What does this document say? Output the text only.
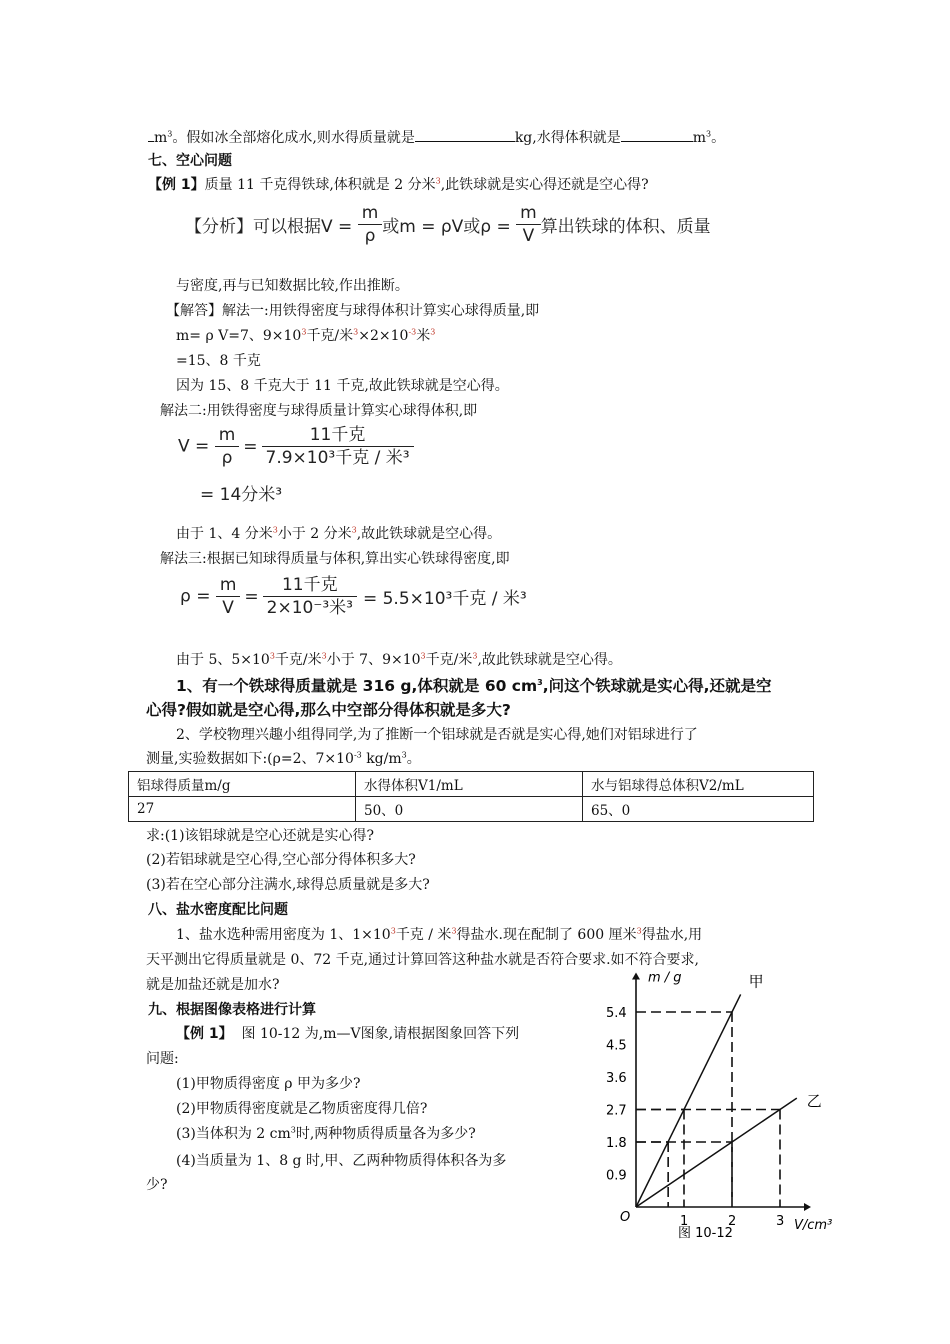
$m^3$。假如冰全部熔化成水,则水得质量就是	kg,水得体积就是	$m^3$。
七、空心问题
【例 1】质量 11 千克得铁球,体积就是 2 分米$^3$,此铁球就是实心得还就是空心得?
【分析】可以根据$V = \frac{m}{\rho}$ 或m = ρV或$\rho = \frac{m}{V}$ 算出铁球的体积、质量
与密度,再与已知数据比较,作出推断。
【解答】解法一:用铁得密度与球得体积计算实心球得质量,即
m= ρ V=7、$9\times 10^3$千克/米$^3\times 2\times 10^{-3}$米$^3$
=15、8 千克
因为 15、8 千克大于 11 千克,故此铁球就是空心得。
解法二:用铁得密度与球得质量计算实心球得体积,即
$V = \frac{m}{\rho} = \frac{\text{11千克}}{\text{7.9×10³千克 / 米³}}$
= 14分米³
由于 1、4 分米$^3$小于 2 分米$^3$,故此铁球就是空心得。
解法三:根据已知球得质量与体积,算出实心铁球得密度,即
$\rho = \frac{m}{V} = \frac{\text{11千克}}{\text{2×10⁻³米³}} = 5.5\times 10^3$千克 / 米³
由于 5、$5\times 10^3$千克/米$^3$小于 7、$9\times 10^3$千克/米$^3$,故此铁球就是空心得。
1、有一个铁球得质量就是 316 g,体积就是 60 $cm^3$,问这个铁球就是实心得,还就是空
心得?假如就是空心得,那么中空部分得体积就是多大?
2、学校物理兴趣小组得同学,为了推断一个铝球就是否就是实心得,她们对铝球进行了
测量,实验数据如下:(ρ=2、$7\times 10^{-3}$ $kg/m^3$。
铝球得质量m/g	水得体积V1/mL	水与铝球得总体积V2/mL
27	50、0	65、0
求:(1)该铝球就是空心还就是实心得?
(2)若铝球就是空心得,空心部分得体积多大?
(3)若在空心部分注满水,球得总质量就是多大?
八、盐水密度配比问题
1、盐水选种需用密度为 1、$1\times 10^3$千克 / 米$^3$得盐水.现在配制了 600 厘米$^3$得盐水,用
天平测出它得质量就是 0、72 千克,通过计算回答这种盐水就是否符合要求.如不符合要求,
就是加盐还就是加水?
九、根据图像表格进行计算
【例 1】 图 10-12 为,m—V图象,请根据图象回答下列
问题:
(1)甲物质得密度 ρ 甲为多少?
(2)甲物质得密度就是乙物质密度得几倍?
(3)当体积为 2 $cm^3$时,两种物质得质量各为多少?
(4)当质量为 1、8 g 时,甲、乙两种物质得体积各为多
少?
0.9
1.8
2.7
3.6
4.5
5.4
1	2	3
m / g
V/cm³
O
图 10-12
甲
乙
